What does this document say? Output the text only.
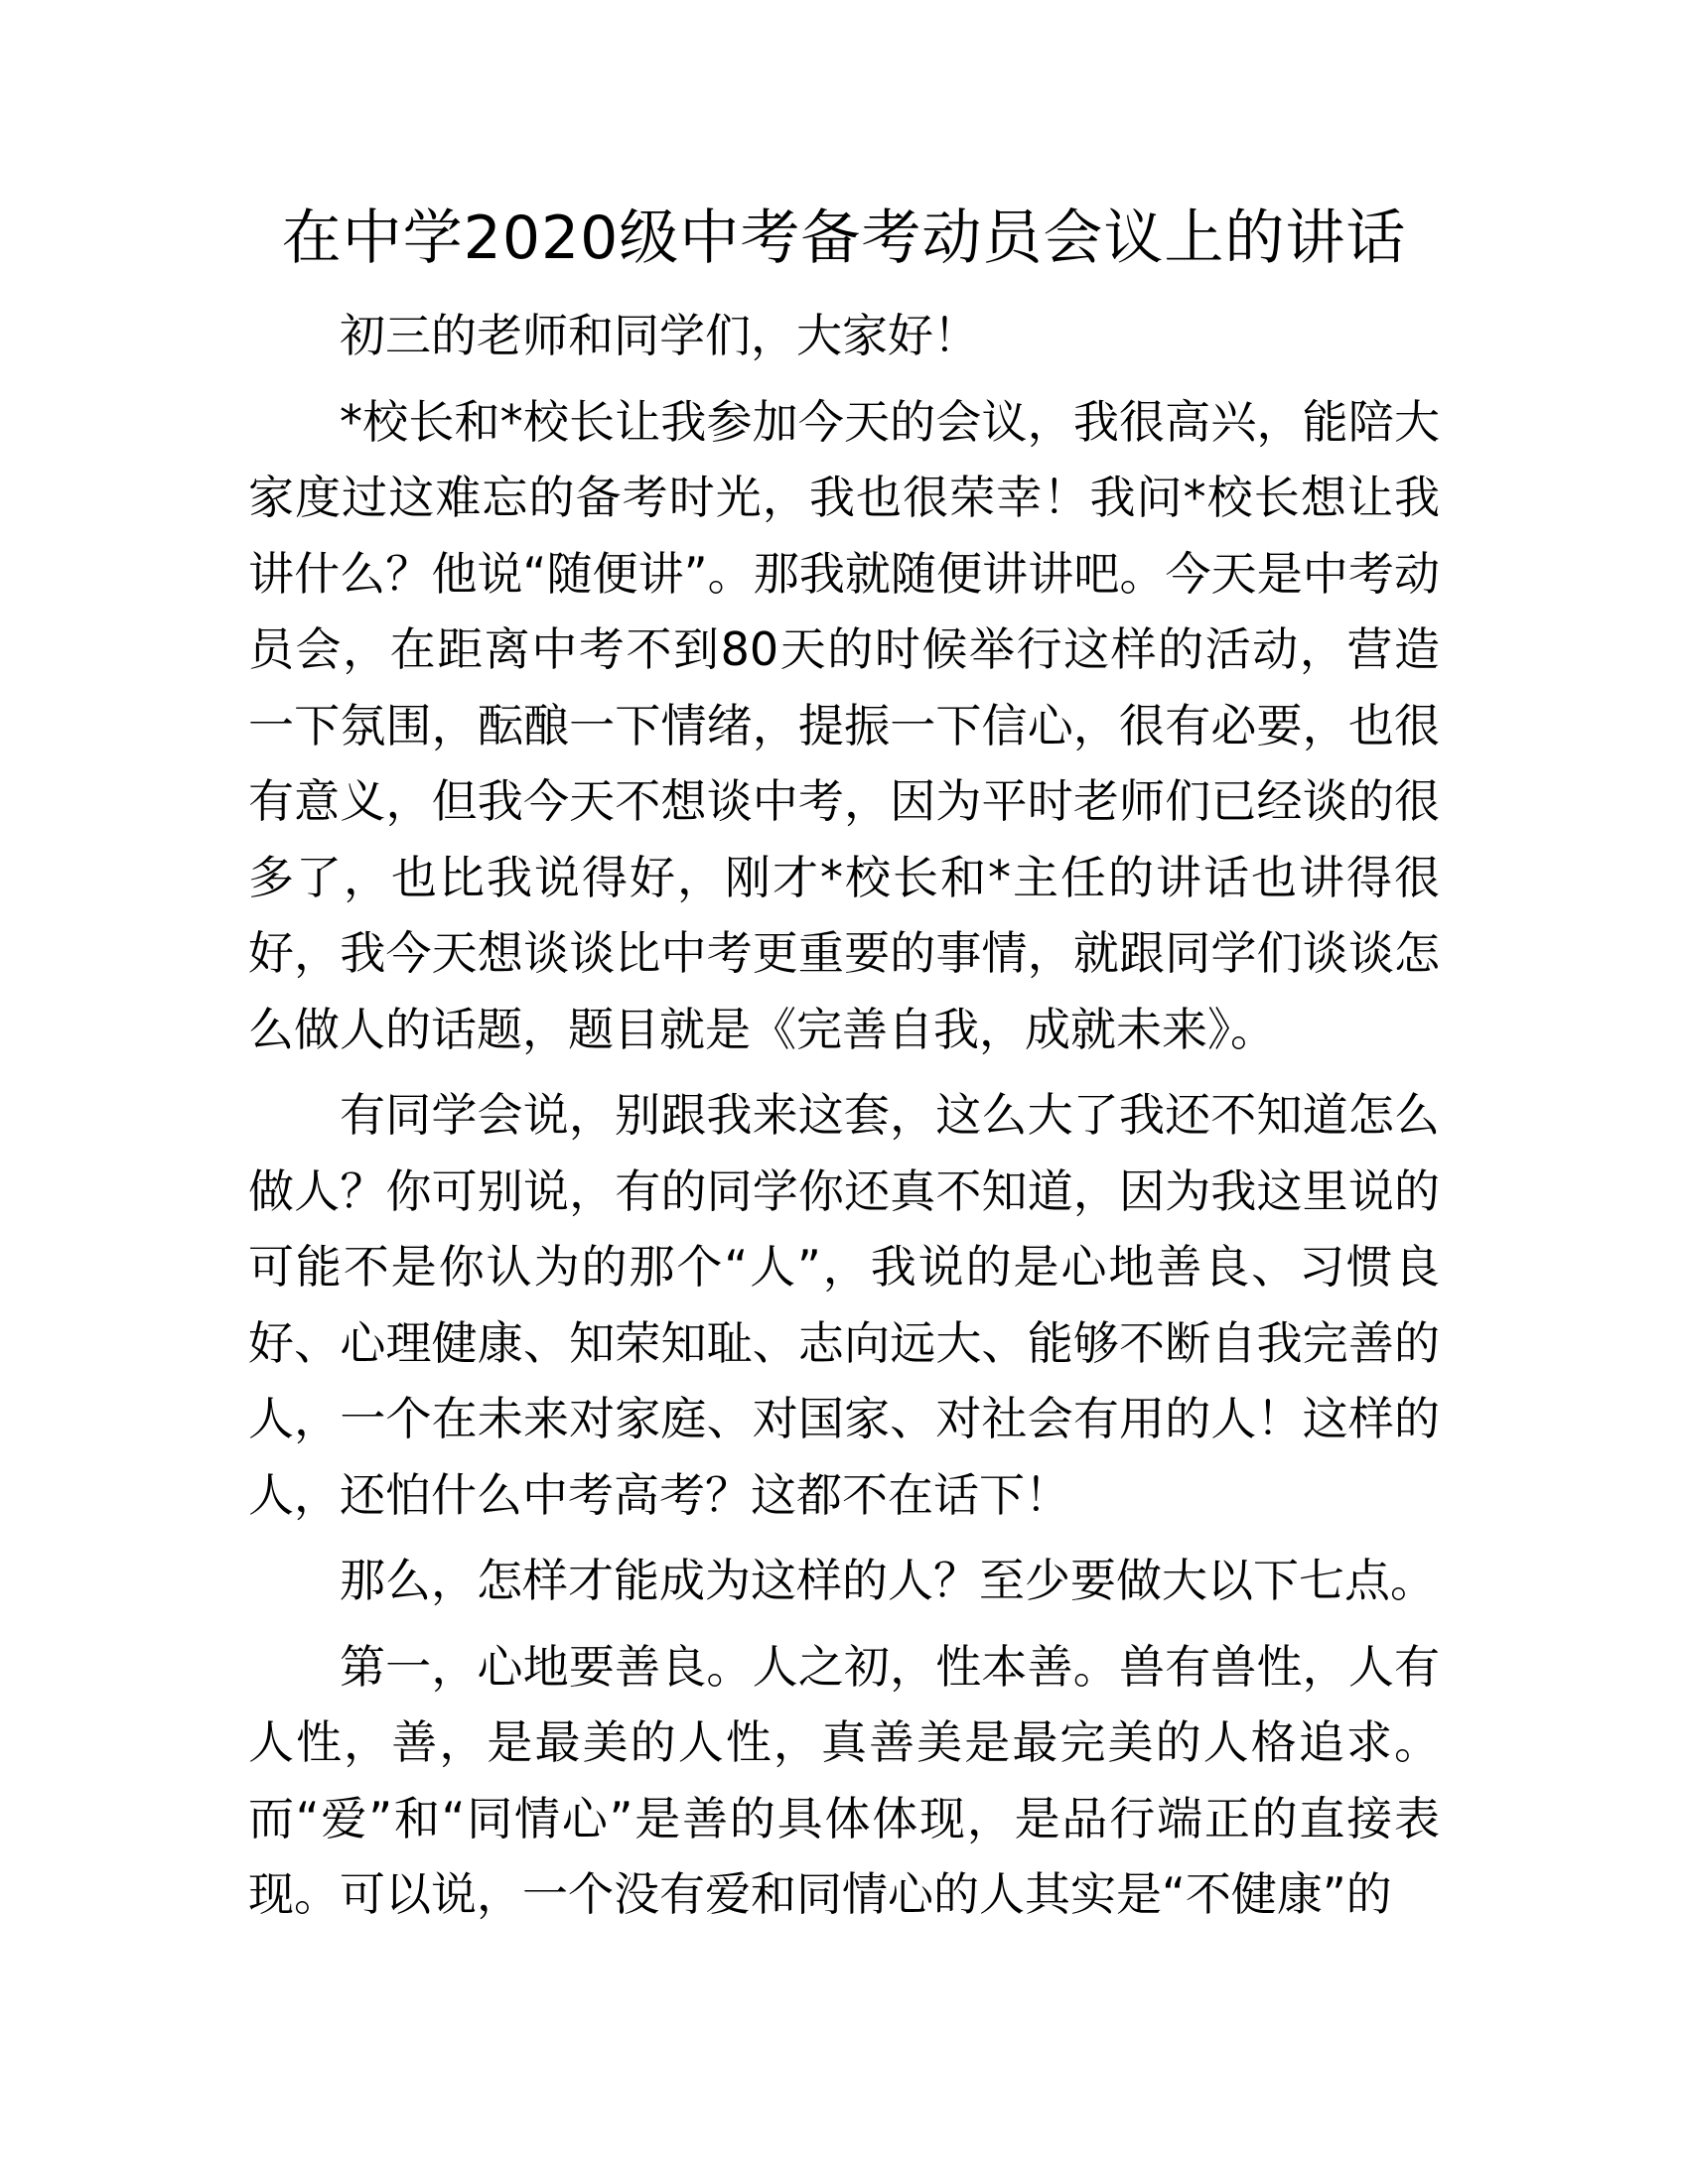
在中学2020级中考备考动员会议上的讲话

初三的老师和同学们，大家好！

*校长和*校长让我参加今天的会议，我很高兴，能陪大家度过这难忘的备考时光，我也很荣幸！我问*校长想让我讲什么？他说“随便讲”。那我就随便讲讲吧。今天是中考动员会，在距离中考不到80天的时候举行这样的活动，营造一下氛围，酝酿一下情绪，提振一下信心，很有必要，也很有意义，但我今天不想谈中考，因为平时老师们已经谈的很多了，也比我说得好，刚才*校长和*主任的讲话也讲得很好，我今天想谈谈比中考更重要的事情，就跟同学们谈谈怎么做人的话题，题目就是《完善自我，成就未来》。

有同学会说，别跟我来这套，这么大了我还不知道怎么做人？你可别说，有的同学你还真不知道，因为我这里说的可能不是你认为的那个“人”，我说的是心地善良、习惯良好、心理健康、知荣知耻、志向远大、能够不断自我完善的人，一个在未来对家庭、对国家、对社会有用的人！这样的人，还怕什么中考高考？这都不在话下！

那么，怎样才能成为这样的人？至少要做大以下七点。

第一，心地要善良。人之初，性本善。兽有兽性，人有人性，善，是最美的人性，真善美是最完美的人格追求。而“爱”和“同情心”是善的具体体现，是品行端正的直接表现。可以说，一个没有爱和同情心的人其实是“不健康”的
